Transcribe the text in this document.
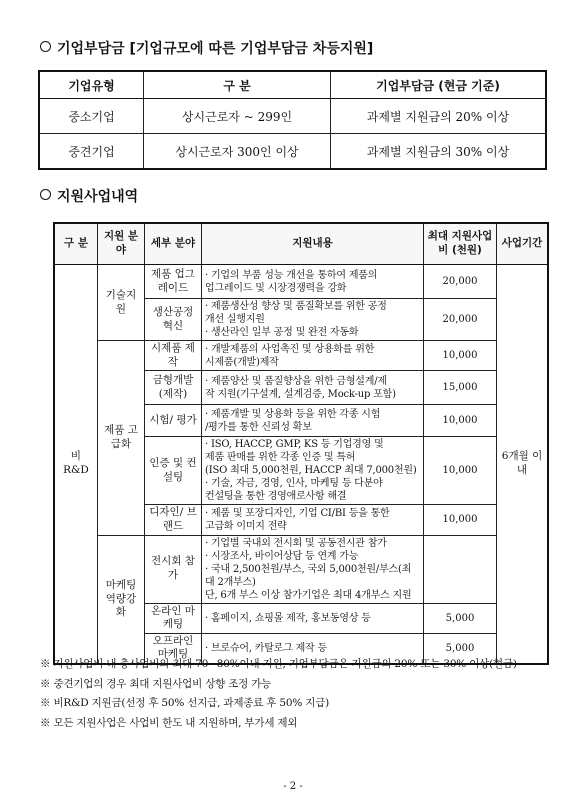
기업부담금 [기업규모에 따른 기업부담금 차등지원]
기업유형	구 분	기업부담금 (현금 기준)
중소기업	상시근로자 ~ 299인	과제별 지원금의 20% 이상
중견기업	상시근로자 300인 이상	과제별 지원금의 30% 이상
지원사업내역
구 분	지원 분야	세부 분야	지원내용	최대 지원사업비 (천원)	사업기간
비 R&D	기술지원	제품 업그레이드	· 기업의 부품 성능 개선을 통하여 제품의
업그레이드 및 시장경쟁력을 강화	20,000	6개월 이내
		생산공정 혁신	· 제품생산성 향상 및 품질확보를 위한 공정
개선 실행지원
· 생산라인 일부 공정 및 완전 자동화	20,000	
	제품 고급화	시제품 제작	· 개발제품의 사업촉진 및 상용화를 위한
시제품(개발)제작	10,000	
		금형개발 (제작)	· 제품양산 및 품질향상을 위한 금형설계/제
작 지원(기구설계, 설계검증, Mock-up 포함)	15,000	
		시험/ 평가	· 제품개발 및 상용화 등을 위한 각종 시험
/평가를 통한 신뢰성 확보	10,000	
		인증 및 컨설팅	· ISO, HACCP, GMP, KS 등 기업경영 및
제품 판매를 위한 각종 인증 및 특허
(ISO 최대 5,000천원, HACCP 최대 7,000천원)
· 기술, 자금, 경영, 인사, 마케팅 등 다분야
컨설팅을 통한 경영애로사항 해결	10,000	
		디자인/ 브랜드	· 제품 및 포장디자인, 기업 CI/BI 등을 통한
고급화 이미지 전략	10,000	
	마케팅 역량강화	전시회 참가	· 기업별 국내외 전시회 및 공동전시관 참가
· 시장조사, 바이어상담 등 연계 가능
· 국내 2,500천원/부스, 국외 5,000천원/부스(최대 2개부스)
단, 6개 부스 이상 참가기업은 최대 4개부스 지원		

		온라인 마케팅	· 홈페이지, 쇼핑몰 제작, 홍보동영상 등	5,000	
		오프라인 마케팅	· 브로슈어, 카탈로그 제작 등	5,000	
※ 지원사업비 내 총사업비의 최대 70~80%이내 지원, 기업부담금은 지원금의 20% 또는 30% 이상(현금)
※ 중견기업의 경우 최대 지원사업비 상향 조정 가능
※ 비R&D 지원금(선정 후 50% 선지급, 과제종료 후 50% 지급)
※ 모든 지원사업은 사업비 한도 내 지원하며, 부가세 제외
- 2 -
